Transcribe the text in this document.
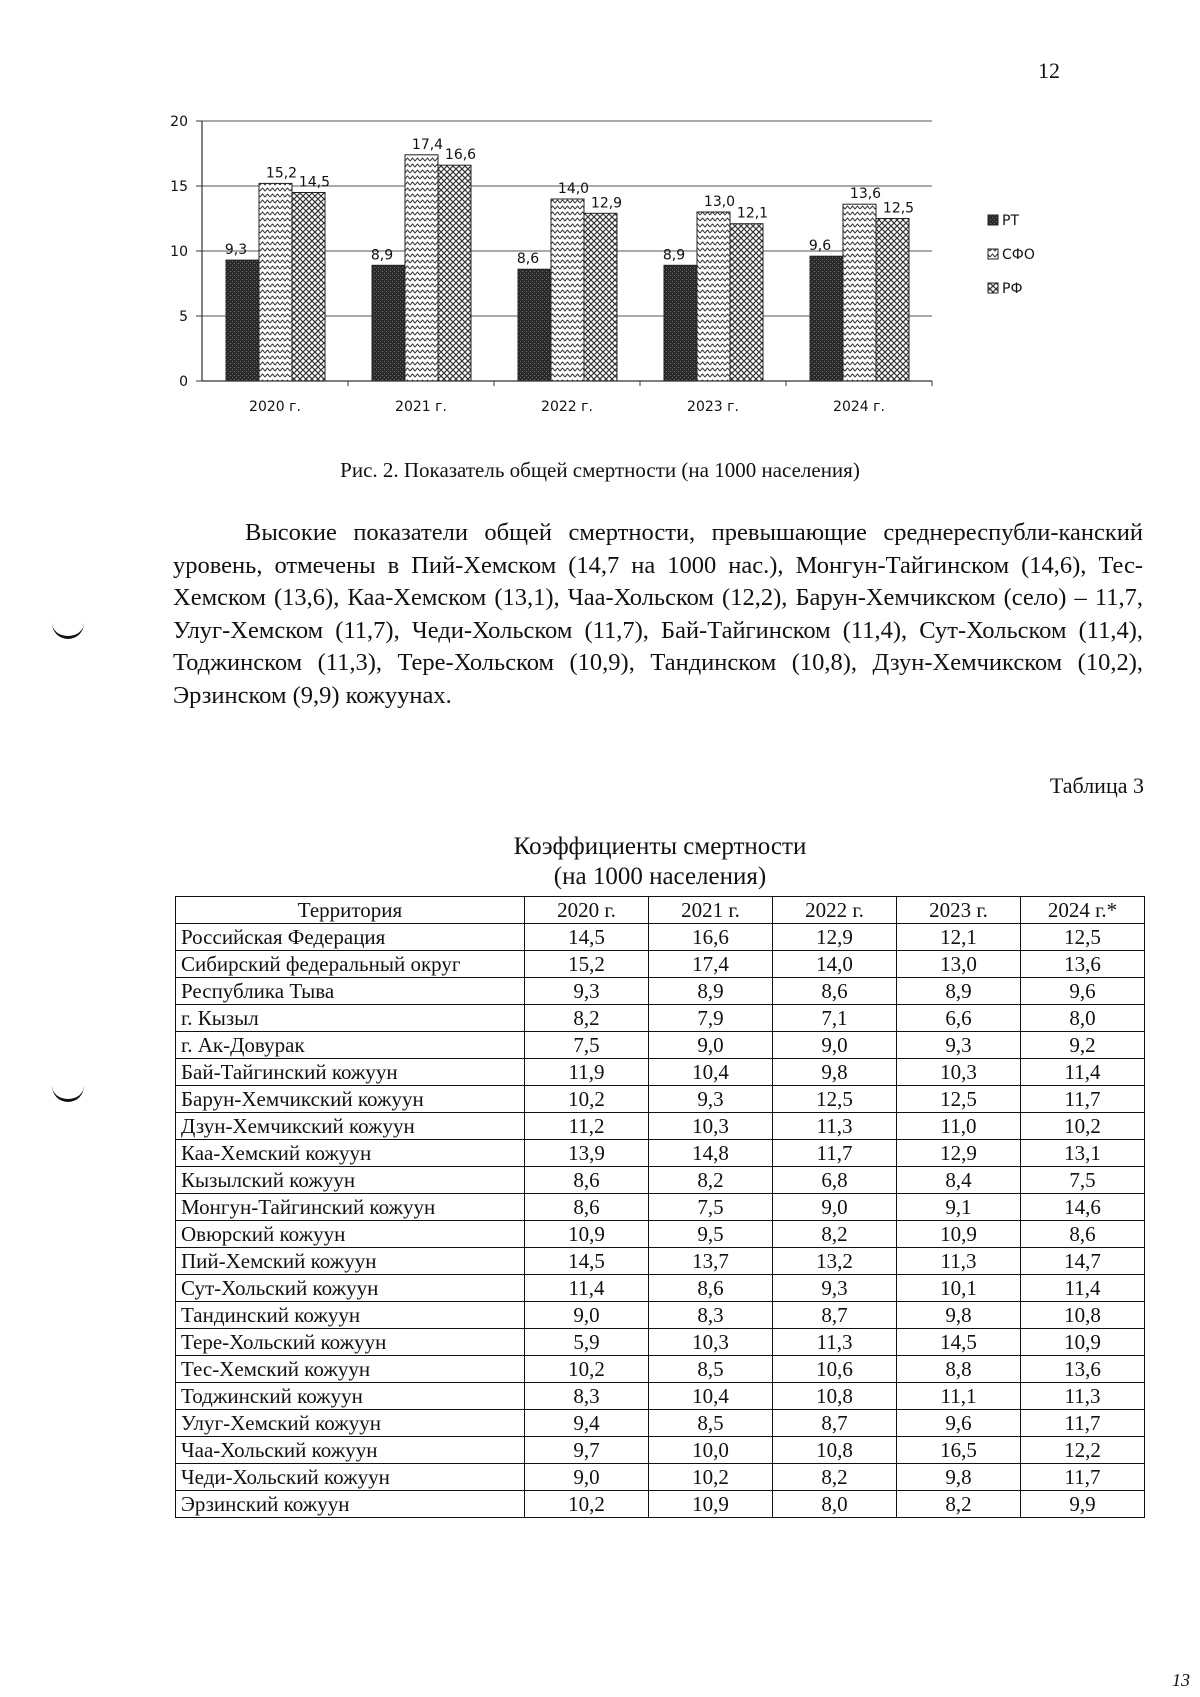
12
9,3
15,2
14,5
8,9
17,4
16,6
8,6
14,0
12,9
8,9
13,0
12,1
9,6
13,6
12,5
0
5
10
15
20
2020 г.	2021 г.	2022 г.	2023 г.	2024 г.
РТ
СФО
РФ
Рис. 2. Показатель общей смертности (на 1000 населения)

Высокие показатели общей смертности, превышающие среднереспубли-канский уровень, отмечены в Пий-Хемском (14,7 на 1000 нас.), Монгун-Тайгинском (14,6), Тес-Хемском (13,6), Каа-Хемском (13,1), Чаа-Хольском (12,2), Барун-Хемчикском (село) – 11,7, Улуг-Хемском (11,7), Чеди-Хольском (11,7), Бай-Тайгинском (11,4), Сут-Хольском (11,4), Тоджинском (11,3), Тере-Хольском (10,9), Тандинском (10,8), Дзун-Хемчикском (10,2), Эрзинском (9,9) кожуунах.

Таблица 3
Коэффициенты смертности
(на 1000 населения)
Территория	2020 г.	2021 г.	2022 г.	2023 г.	2024 г.*
Российская Федерация	14,5	16,6	12,9	12,1	12,5
Сибирский федеральный округ	15,2	17,4	14,0	13,0	13,6
Республика Тыва	9,3	8,9	8,6	8,9	9,6
г. Кызыл	8,2	7,9	7,1	6,6	8,0
г. Ак-Довурак	7,5	9,0	9,0	9,3	9,2
Бай-Тайгинский кожуун	11,9	10,4	9,8	10,3	11,4
Барун-Хемчикский кожуун	10,2	9,3	12,5	12,5	11,7
Дзун-Хемчикский кожуун	11,2	10,3	11,3	11,0	10,2
Каа-Хемский кожуун	13,9	14,8	11,7	12,9	13,1
Кызылский кожуун	8,6	8,2	6,8	8,4	7,5
Монгун-Тайгинский кожуун	8,6	7,5	9,0	9,1	14,6
Овюрский кожуун	10,9	9,5	8,2	10,9	8,6
Пий-Хемский кожуун	14,5	13,7	13,2	11,3	14,7
Сут-Хольский кожуун	11,4	8,6	9,3	10,1	11,4
Тандинский кожуун	9,0	8,3	8,7	9,8	10,8
Тере-Хольский кожуун	5,9	10,3	11,3	14,5	10,9
Тес-Хемский кожуун	10,2	8,5	10,6	8,8	13,6
Тоджинский кожуун	8,3	10,4	10,8	11,1	11,3
Улуг-Хемский кожуун	9,4	8,5	8,7	9,6	11,7
Чаа-Хольский кожуун	9,7	10,0	10,8	16,5	12,2
Чеди-Хольский кожуун	9,0	10,2	8,2	9,8	11,7
Эрзинский кожуун	10,2	10,9	8,0	8,2	9,9
13
